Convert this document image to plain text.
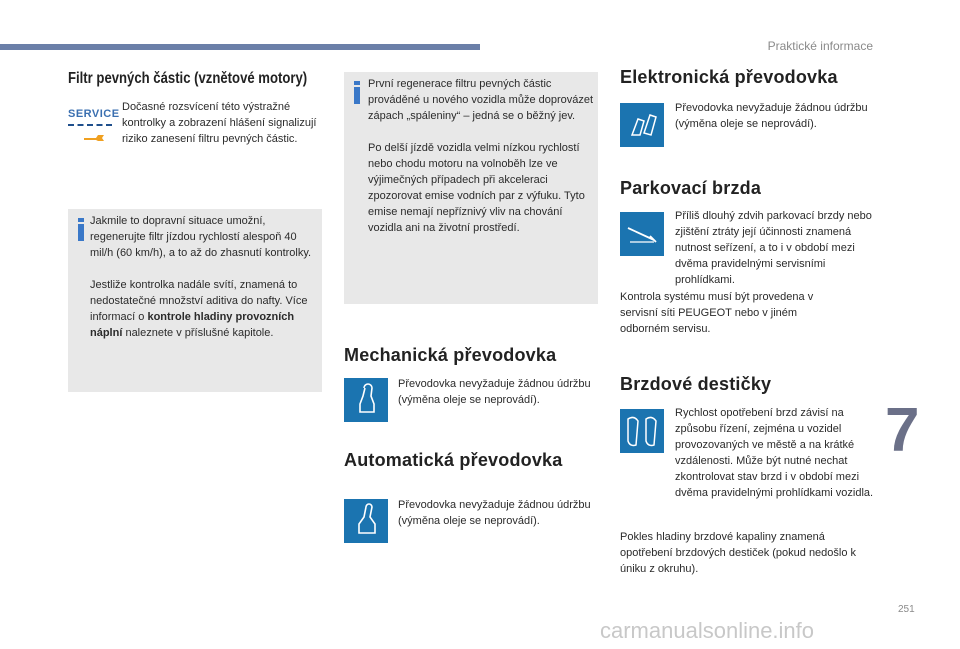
Praktické informace
7
251
carmanualsonline.info
Filtr pevných částic (vznětové motory)
SERVICE
Dočasné rozsvícení této výstražné kontrolky a zobrazení hlášení signalizují riziko zanesení filtru pevných částic.
Jakmile to dopravní situace umožní, regenerujte filtr jízdou rychlostí alespoň 40 mil/h (60 km/h), a to až do zhasnutí kontrolky.
Jestliže kontrolka nadále svítí, znamená to nedostatečné množství aditiva do nafty. Více informací o kontrole hladiny provozních náplní naleznete v příslušné kapitole.
První regenerace filtru pevných částic prováděné u nového vozidla může doprovázet zápach „spáleniny“ – jedná se o běžný jev.
Po delší jízdě vozidla velmi nízkou rychlostí nebo chodu motoru na volnoběh lze ve výjimečných případech při akceleraci zpozorovat emise vodních par z výfuku. Tyto emise nemají nepříznivý vliv na chování vozidla ani na životní prostředí.
Mechanická převodovka
Převodovka nevyžaduje žádnou údržbu (výměna oleje se neprovádí).
Automatická převodovka
Převodovka nevyžaduje žádnou údržbu (výměna oleje se neprovádí).
Elektronická převodovka
Převodovka nevyžaduje žádnou údržbu (výměna oleje se neprovádí).
Parkovací brzda
Příliš dlouhý zdvih parkovací brzdy nebo zjištění ztráty její účinnosti znamená nutnost seřízení, a to i v období mezi dvěma pravidelnými servisními prohlídkami.
Kontrola systému musí být provedena v servisní síti PEUGEOT nebo v jiném odborném servisu.
Brzdové destičky
Rychlost opotřebení brzd závisí na způsobu řízení, zejména u vozidel provozovaných ve městě a na krátké vzdálenosti. Může být nutné nechat zkontrolovat stav brzd i v období mezi dvěma pravidelnými prohlídkami vozidla.
Pokles hladiny brzdové kapaliny znamená opotřebení brzdových destiček (pokud nedošlo k úniku z okruhu).
